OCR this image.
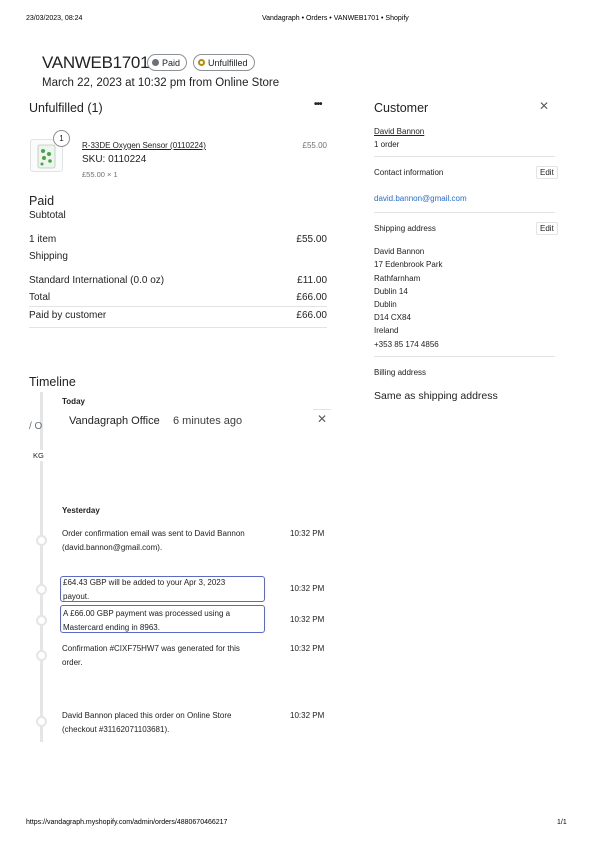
23/03/2023, 08:24	Vandagraph • Orders • VANWEB1701 • Shopify
VANWEB1701 Paid	Unfulfilled
March 22, 2023 at 10:32 pm from Online Store
Unfulfilled (1)	•••
1
R-33DE Oxygen Sensor (0110224)
SKU: 0110224
£55.00 × 1
£55.00
Paid
Subtotal
1 item	£55.00
Shipping
Standard International (0.0 oz)	£11.00
Total	£66.00
Paid by customer	£66.00
Customer	✕
David Bannon
1 order
Contact information	Edit
david.bannon@gmail.com
Shipping address	Edit
David Bannon
17 Edenbrook Park
Rathfarnham
Dublin 14
Dublin
D14 CX84
Ireland
+353 85 174 4856
Billing address
Same as shipping address
Timeline
Today
/ O
KG
Vandagraph Office 6 minutes ago	✕
Yesterday
Order confirmation email was sent to David Bannon
(david.bannon@gmail.com).
10:32 PM
£64.43 GBP will be added to your Apr 3, 2023
payout.
10:32 PM
A £66.00 GBP payment was processed using a
Mastercard ending in 8963.
10:32 PM
Confirmation #CIXF75HW7 was generated for this
order.
10:32 PM
David Bannon placed this order on Online Store
(checkout #31162071103681).
10:32 PM
https://vandagraph.myshopify.com/admin/orders/4880670466217	1/1
